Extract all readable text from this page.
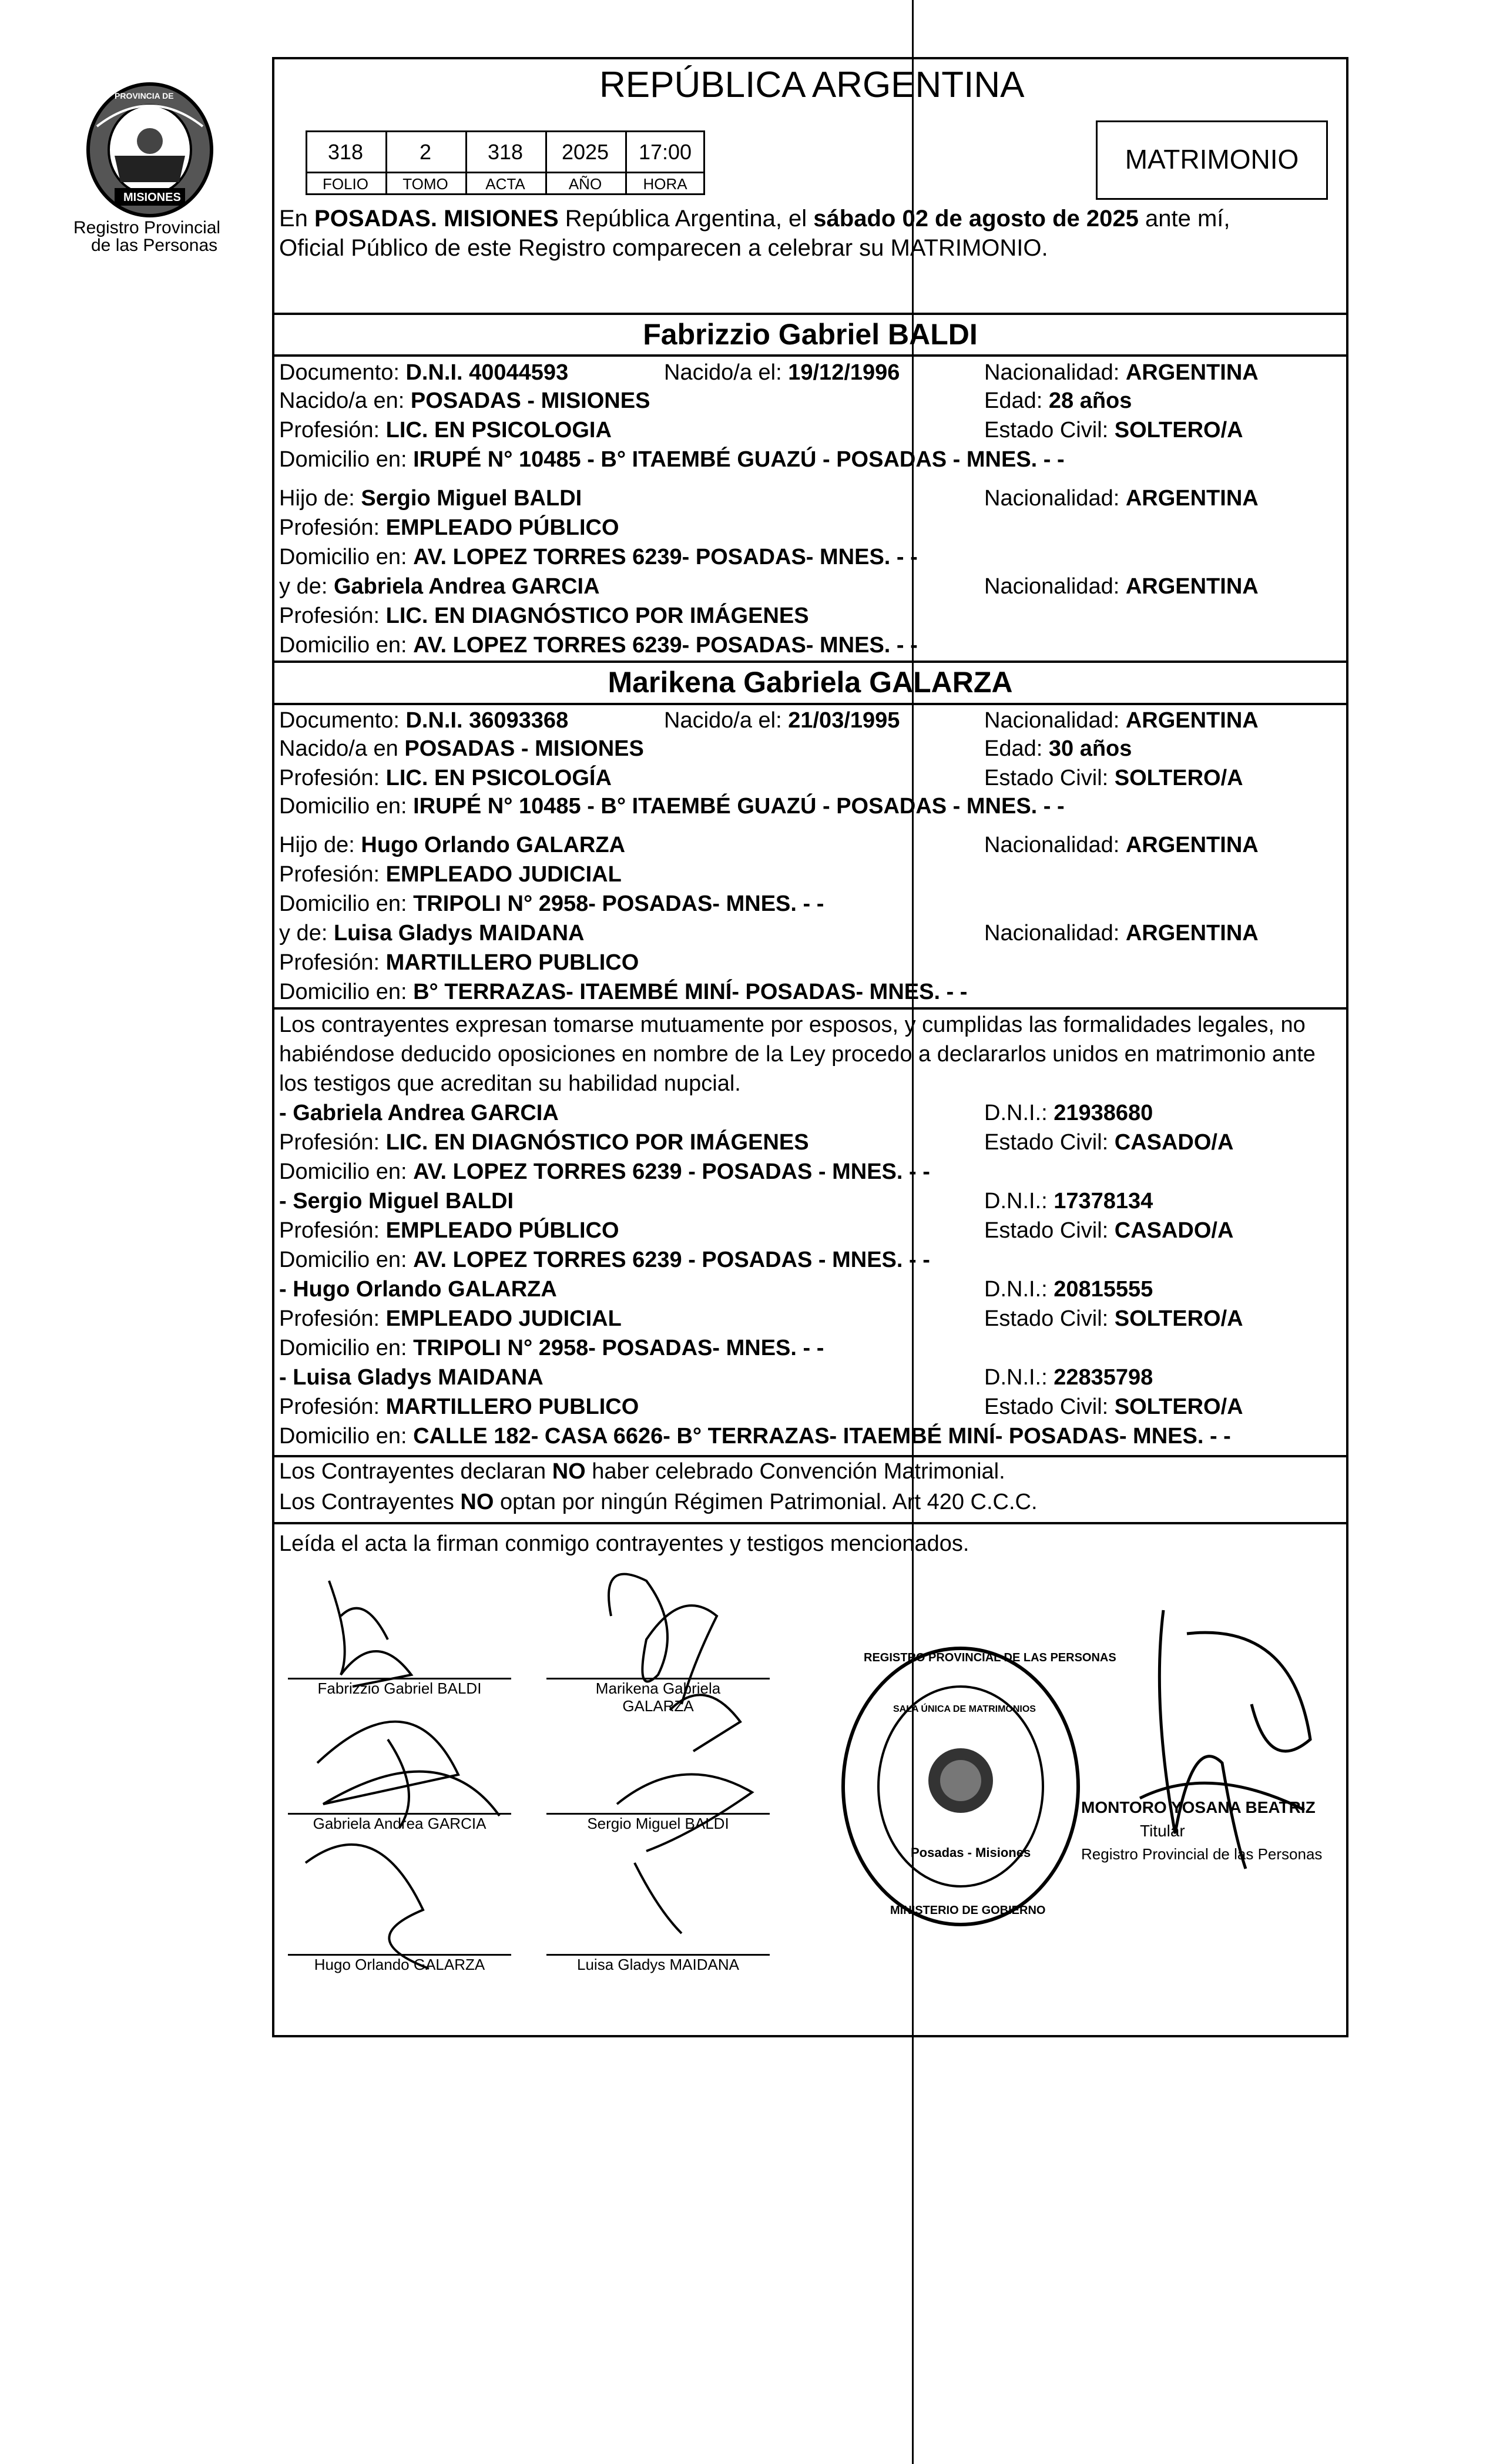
PROVINCIA DE
MISIONES
Registro Provincial
de las Personas
REPÚBLICA ARGENTINA
318	2	318	2025	17:00
FOLIO	TOMO	ACTA	AÑO	HORA
MATRIMONIO
En POSADAS. MISIONES República Argentina, el sábado 02 de agosto de 2025 ante mí,
Oficial Público de este Registro comparecen a celebrar su MATRIMONIO.
Fabrizzio Gabriel BALDI
Documento: D.N.I. 40044593	Nacido/a el: 19/12/1996	Nacionalidad: ARGENTINA
Nacido/a en: POSADAS - MISIONES	Edad: 28 años
Profesión: LIC. EN PSICOLOGIA	Estado Civil: SOLTERO/A
Domicilio en: IRUPÉ N° 10485 - B° ITAEMBÉ GUAZÚ - POSADAS - MNES. - -
Hijo de: Sergio Miguel BALDI	Nacionalidad: ARGENTINA
Profesión: EMPLEADO PÚBLICO
Domicilio en: AV. LOPEZ TORRES 6239- POSADAS- MNES. - -
y de: Gabriela Andrea GARCIA	Nacionalidad: ARGENTINA
Profesión: LIC. EN DIAGNÓSTICO POR IMÁGENES
Domicilio en: AV. LOPEZ TORRES 6239- POSADAS- MNES. - -
Marikena Gabriela GALARZA
Documento: D.N.I. 36093368	Nacido/a el: 21/03/1995	Nacionalidad: ARGENTINA
Nacido/a en POSADAS - MISIONES	Edad: 30 años
Profesión: LIC. EN PSICOLOGÍA	Estado Civil: SOLTERO/A
Domicilio en: IRUPÉ N° 10485 - B° ITAEMBÉ GUAZÚ - POSADAS - MNES. - -
Hijo de: Hugo Orlando GALARZA	Nacionalidad: ARGENTINA
Profesión: EMPLEADO JUDICIAL
Domicilio en: TRIPOLI N° 2958- POSADAS- MNES. - -
y de: Luisa Gladys MAIDANA	Nacionalidad: ARGENTINA
Profesión: MARTILLERO PUBLICO
Domicilio en: B° TERRAZAS- ITAEMBÉ MINÍ- POSADAS- MNES. - -
Los contrayentes expresan tomarse mutuamente por esposos, y cumplidas las formalidades legales, no
habiéndose deducido oposiciones en nombre de la Ley procedo a declararlos unidos en matrimonio ante
los testigos que acreditan su habilidad nupcial.
- Gabriela Andrea GARCIA	D.N.I.: 21938680
Profesión: LIC. EN DIAGNÓSTICO POR IMÁGENES	Estado Civil: CASADO/A
Domicilio en: AV. LOPEZ TORRES 6239 - POSADAS - MNES. - -
- Sergio Miguel BALDI	D.N.I.: 17378134
Profesión: EMPLEADO PÚBLICO	Estado Civil: CASADO/A
Domicilio en: AV. LOPEZ TORRES 6239 - POSADAS - MNES. - -
- Hugo Orlando GALARZA	D.N.I.: 20815555
Profesión: EMPLEADO JUDICIAL	Estado Civil: SOLTERO/A
Domicilio en: TRIPOLI N° 2958- POSADAS- MNES. - -
- Luisa Gladys MAIDANA	D.N.I.: 22835798
Profesión: MARTILLERO PUBLICO	Estado Civil: SOLTERO/A
Domicilio en: CALLE 182- CASA 6626- B° TERRAZAS- ITAEMBÉ MINÍ- POSADAS- MNES. - -
Los Contrayentes declaran NO haber celebrado Convención Matrimonial.
Los Contrayentes NO optan por ningún Régimen Patrimonial. Art 420 C.C.C.
Leída el acta la firman conmigo contrayentes y testigos mencionados.
Fabrizzio Gabriel BALDI	Marikena Gabriela
GALARZA
Gabriela Andrea GARCIA	Sergio Miguel BALDI
Hugo Orlando GALARZA	Luisa Gladys MAIDANA
REGISTRO PROVINCIAL DE LAS PERSONAS
SALA ÚNICA DE MATRIMONIOS
Posadas - Misiones
MINISTERIO DE GOBIERNO
MONTORO YOSANA BEATRIZ
Titular
Registro Provincial de las Personas
